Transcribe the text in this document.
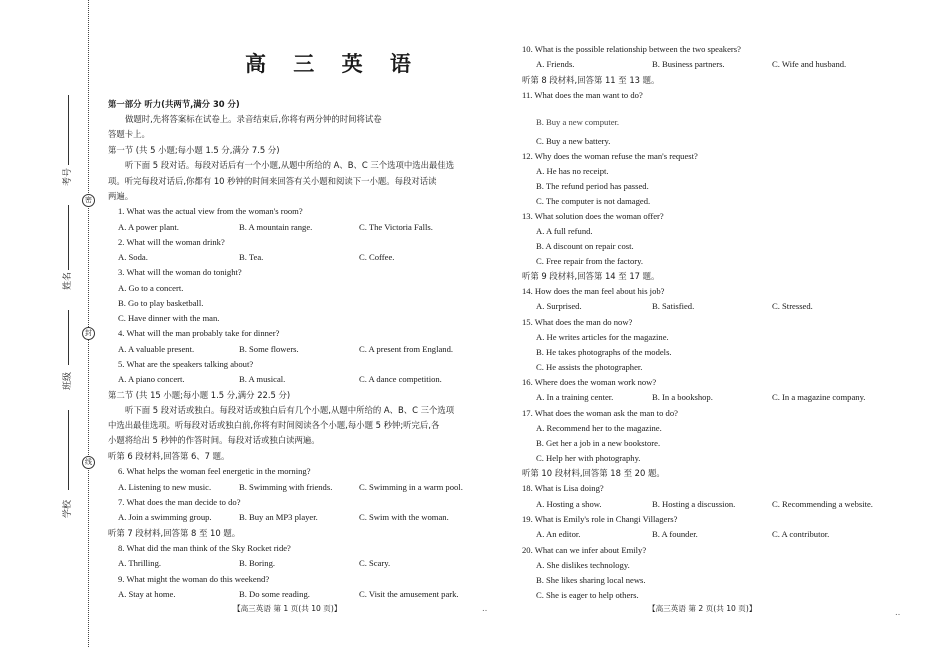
考号
姓名
班级
学校
密
封
线
高 三 英 语
第一部分 听力(共两节,满分 30 分)
做题时,先将答案标在试卷上。录音结束后,你将有两分钟的时间将试卷
答题卡上。
第一节 (共 5 小题;每小题 1.5 分,满分 7.5 分)
听下面 5 段对话。每段对话后有一个小题,从题中所给的 A、B、C 三个选项中选出最佳选
项。听完每段对话后,你都有 10 秒钟的时间来回答有关小题和阅读下一小题。每段对话读
两遍。
1. What was the actual view from the woman's room?
A. A power plant.	B. A mountain range.	C. The Victoria Falls.
2. What will the woman drink?
A. Soda.	B. Tea.	C. Coffee.
3. What will the woman do tonight?
A. Go to a concert.
B. Go to play basketball.
C. Have dinner with the man.
4. What will the man probably take for dinner?
A. A valuable present.	B. Some flowers.	C. A present from England.
5. What are the speakers talking about?
A. A piano concert.	B. A musical.	C. A dance competition.
第二节 (共 15 小题;每小题 1.5 分,满分 22.5 分)
听下面 5 段对话或独白。每段对话或独白后有几个小题,从题中所给的 A、B、C 三个选项
中选出最佳选项。听每段对话或独白前,你将有时间阅读各个小题,每小题 5 秒钟;听完后,各
小题将给出 5 秒钟的作答时间。每段对话或独白读两遍。
听第 6 段材料,回答第 6、7 题。
6. What helps the woman feel energetic in the morning?
A. Listening to new music.	B. Swimming with friends.	C. Swimming in a warm pool.
7. What does the man decide to do?
A. Join a swimming group.	B. Buy an MP3 player.	C. Swim with the woman.
听第 7 段材料,回答第 8 至 10 题。
8. What did the man think of the Sky Rocket ride?
A. Thrilling.	B. Boring.	C. Scary.
9. What might the woman do this weekend?
A. Stay at home.	B. Do some reading.	C. Visit the amusement park.
【高三英语 第 1 页(共 10 页)】	‥
10. What is the possible relationship between the two speakers?
A. Friends.	B. Business partners.	C. Wife and husband.
听第 8 段材料,回答第 11 至 13 题。
11. What does the man want to do?
C. Buy a new battery.
12. Why does the woman refuse the man's request?
A. He has no receipt.
B. The refund period has passed.
C. The computer is not damaged.
13. What solution does the woman offer?
A. A full refund.
B. A discount on repair cost.
C. Free repair from the factory.
听第 9 段材料,回答第 14 至 17 题。
14. How does the man feel about his job?
A. Surprised.	B. Satisfied.	C. Stressed.
15. What does the man do now?
A. He writes articles for the magazine.
B. He takes photographs of the models.
C. He assists the photographer.
16. Where does the woman work now?
A. In a training center.	B. In a bookshop.	C. In a magazine company.
17. What does the woman ask the man to do?
A. Recommend her to the magazine.
B. Get her a job in a new bookstore.
C. Help her with photography.
听第 10 段材料,回答第 18 至 20 题。
18. What is Lisa doing?
A. Hosting a show.	B. Hosting a discussion.	C. Recommending a website.
19. What is Emily's role in Changi Villagers?
A. An editor.	B. A founder.	C. A contributor.
20. What can we infer about Emily?
A. She dislikes technology.
B. She likes sharing local news.
C. She is eager to help others.
B. Buy a new computer.
【高三英语 第 2 页(共 10 页)】	‥
